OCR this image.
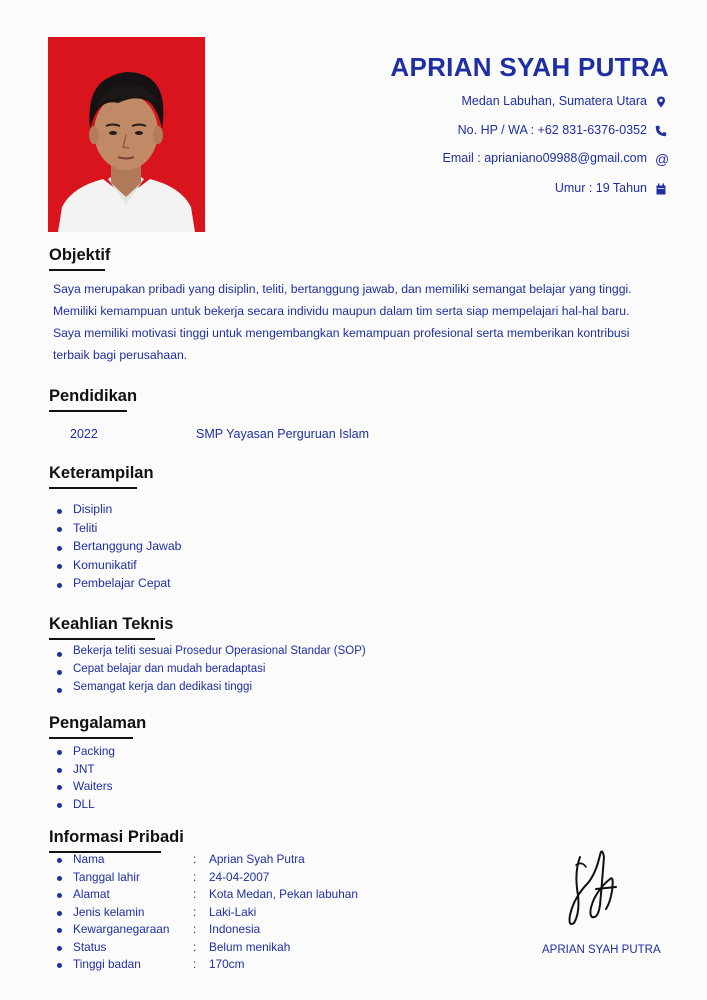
APRIAN SYAH PUTRA
Medan Labuhan, Sumatera Utara
No. HP / WA : +62 831-6376-0352
Email : aprianiano09988@gmail.com @
Umur : 19 Tahun
Objektif
Saya merupakan pribadi yang disiplin, teliti, bertanggung jawab, dan memiliki semangat belajar yang tinggi.
Memiliki kemampuan untuk bekerja secara individu maupun dalam tim serta siap mempelajari hal-hal baru.
Saya memiliki motivasi tinggi untuk mengembangkan kemampuan profesional serta memberikan kontribusi
terbaik bagi perusahaan.
Pendidikan
2022	SMP Yayasan Perguruan Islam
Keterampilan
Disiplin
Teliti
Bertanggung Jawab
Komunikatif
Pembelajar Cepat
Keahlian Teknis
Bekerja teliti sesuai Prosedur Operasional Standar (SOP)
Cepat belajar dan mudah beradaptasi
Semangat kerja dan dedikasi tinggi
Pengalaman
Packing
JNT
Waiters
DLL
Informasi Pribadi
Nama	: Aprian Syah Putra
Tanggal lahir	: 24-04-2007
Alamat	: Kota Medan, Pekan labuhan
Jenis kelamin	: Laki-Laki
Kewarganegaraan : Indonesia
Status	: Belum menikah
Tinggi badan	: 170cm
APRIAN SYAH PUTRA
